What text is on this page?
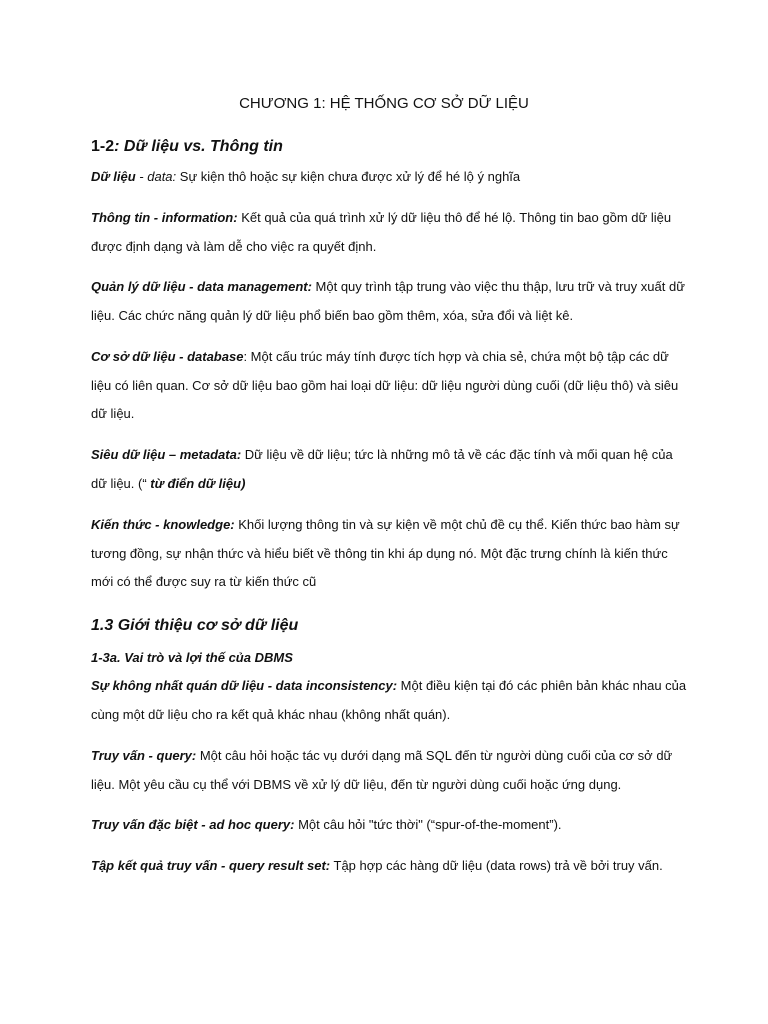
CHƯƠNG 1: HỆ THỐNG CƠ SỞ DỮ LIỆU
1-2: Dữ liệu vs. Thông tin

Dữ liệu - data: Sự kiện thô hoặc sự kiện chưa được xử lý để hé lộ ý nghĩa

Thông tin - information: Kết quả của quá trình xử lý dữ liệu thô để hé lộ. Thông tin bao gồm dữ liệu được định dạng và làm dễ cho việc ra quyết định.

Quản lý dữ liệu - data management: Một quy trình tập trung vào việc thu thập, lưu trữ và truy xuất dữ liệu. Các chức năng quản lý dữ liệu phổ biến bao gồm thêm, xóa, sửa đổi và liệt kê.

Cơ sở dữ liệu - database: Một cấu trúc máy tính được tích hợp và chia sẻ, chứa một bộ tập các dữ liệu có liên quan. Cơ sở dữ liệu bao gồm hai loại dữ liệu: dữ liệu người dùng cuối (dữ liệu thô) và siêu dữ liệu.

Siêu dữ liệu – metadata: Dữ liệu về dữ liệu; tức là những mô tả về các đặc tính và mối quan hệ của dữ liệu. (“ từ điển dữ liệu)

Kiến thức - knowledge: Khối lượng thông tin và sự kiện về một chủ đề cụ thể. Kiến thức bao hàm sự tương đồng, sự nhận thức và hiểu biết về thông tin khi áp dụng nó. Một đặc trưng chính là kiến thức mới có thể được suy ra từ kiến thức cũ

1.3 Giới thiệu cơ sở dữ liệu
1-3a. Vai trò và lợi thế của DBMS

Sự không nhất quán dữ liệu - data inconsistency: Một điều kiện tại đó các phiên bản khác nhau của cùng một dữ liệu cho ra kết quả khác nhau (không nhất quán).

Truy vấn - query: Một câu hỏi hoặc tác vụ dưới dạng mã SQL đến từ người dùng cuối của cơ sở dữ liệu. Một yêu cầu cụ thể với DBMS về xử lý dữ liệu, đến từ người dùng cuối hoặc ứng dụng.

Truy vấn đặc biệt - ad hoc query: Một câu hỏi "tức thời" (“spur-of-the-moment”).

Tập kết quả truy vấn - query result set: Tập hợp các hàng dữ liệu (data rows) trả về bởi truy vấn.
